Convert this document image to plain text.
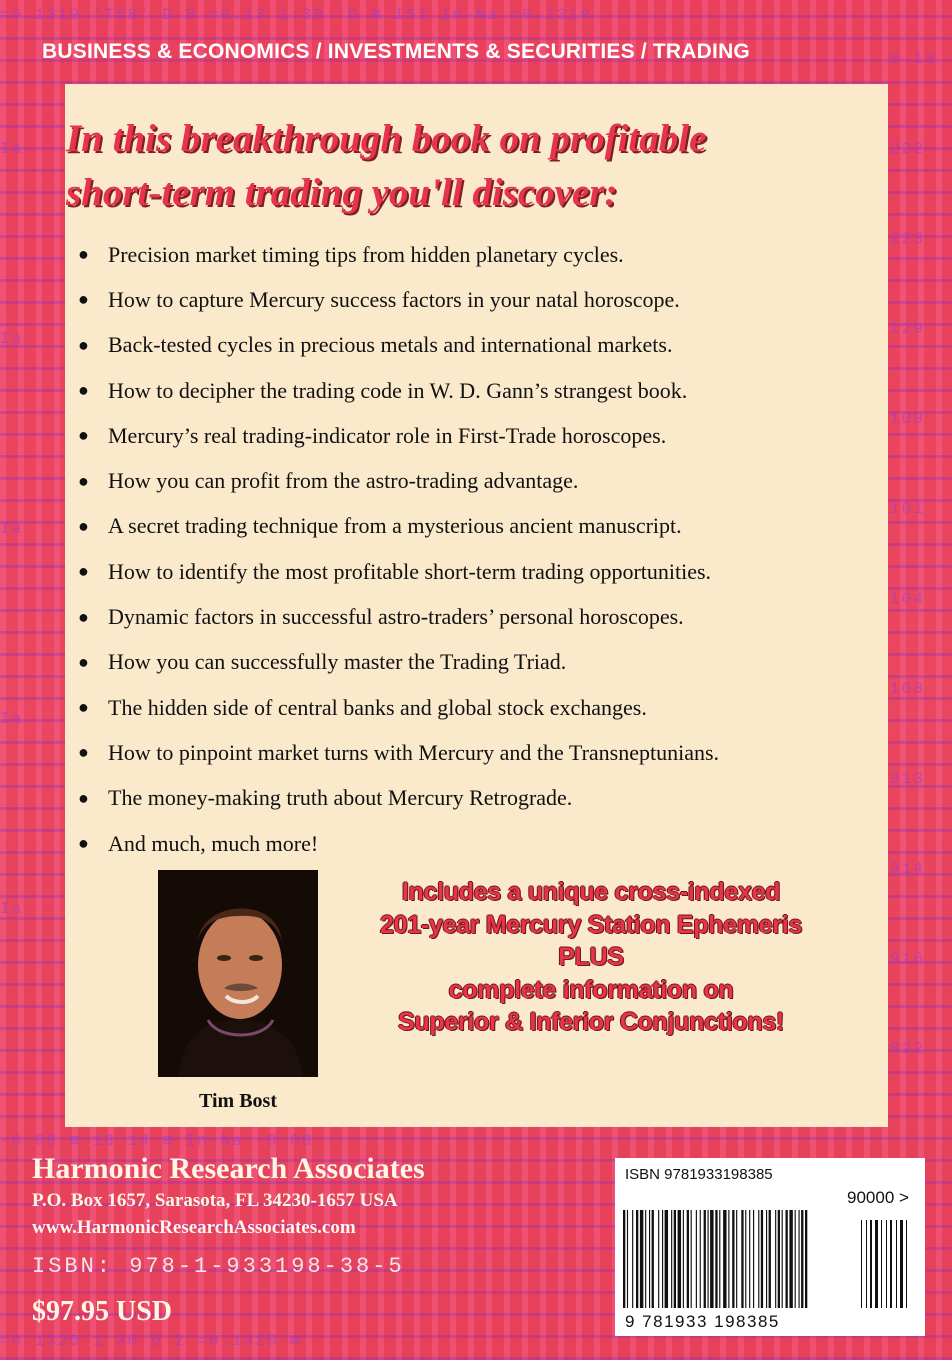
=0.1319 'T58' D 8 =0.13 1:38 'D ⊠ ISI In-Na =0.1319
0.13
222
223
129
100
101
104
108
913
914
916
822
Ia
Ia
Ia
Ia
Ia
-0.08 ⊠ 18 14 ⊠ In-Na -0.08
=0.1320 1 30 D 2 =0.1320 ⊠
BUSINESS & ECONOMICS / INVESTMENTS & SECURITIES / TRADING
In this breakthrough book on profitable
short-term trading you'll discover:
● Precision market timing tips from hidden planetary cycles.
● How to capture Mercury success factors in your natal horoscope.
● Back-tested cycles in precious metals and international markets.
● How to decipher the trading code in W. D. Gann’s strangest book.
● Mercury’s real trading-indicator role in First-Trade horoscopes.
● How you can profit from the astro-trading advantage.
● A secret trading technique from a mysterious ancient manuscript.
● How to identify the most profitable short-term trading opportunities.
● Dynamic factors in successful astro-traders’ personal horoscopes.
● How you can successfully master the Trading Triad.
● The hidden side of central banks and global stock exchanges.
● How to pinpoint market turns with Mercury and the Transneptunians.
● The money-making truth about Mercury Retrograde.
● And much, much more!
Tim Bost
Includes a unique cross-indexed
201-year Mercury Station Ephemeris
PLUS
complete information on
Superior & Inferior Conjunctions!
Harmonic Research Associates
P.O. Box 1657, Sarasota, FL 34230-1657 USA
www.HarmonicResearchAssociates.com
ISBN: 978-1-933198-38-5
$97.95 USD
ISBN 9781933198385
90000 >
9 781933 198385
